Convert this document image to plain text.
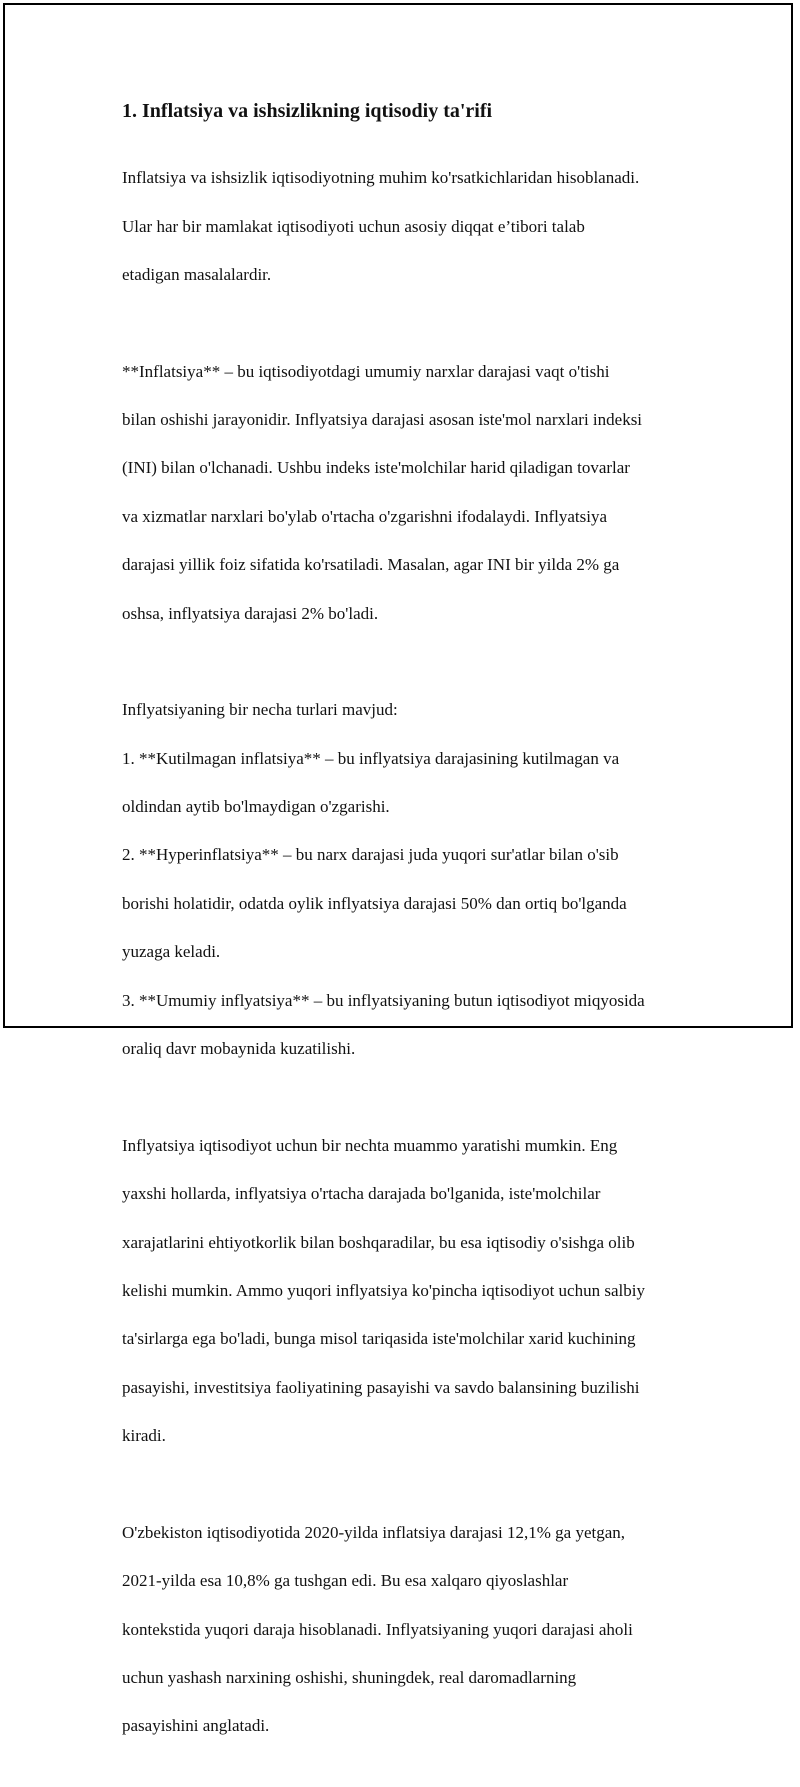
1. Inflatsiya va ishsizlikning iqtisodiy ta'rifi

Inflatsiya va ishsizlik iqtisodiyotning muhim ko'rsatkichlaridan hisoblanadi.

Ular har bir mamlakat iqtisodiyoti uchun asosiy diqqat e’tibori talab

etadigan masalalardir.

**Inflatsiya** – bu iqtisodiyotdagi umumiy narxlar darajasi vaqt o'tishi

bilan oshishi jarayonidir. Inflyatsiya darajasi asosan iste'mol narxlari indeksi

(INI) bilan o'lchanadi. Ushbu indeks iste'molchilar harid qiladigan tovarlar

va xizmatlar narxlari bo'ylab o'rtacha o'zgarishni ifodalaydi. Inflyatsiya

darajasi yillik foiz sifatida ko'rsatiladi. Masalan, agar INI bir yilda 2% ga

oshsa, inflyatsiya darajasi 2% bo'ladi.

Inflyatsiyaning bir necha turlari mavjud:

1. **Kutilmagan inflatsiya** – bu inflyatsiya darajasining kutilmagan va

oldindan aytib bo'lmaydigan o'zgarishi.

2. **Hyperinflatsiya** – bu narx darajasi juda yuqori sur'atlar bilan o'sib

borishi holatidir, odatda oylik inflyatsiya darajasi 50% dan ortiq bo'lganda

yuzaga keladi.

3. **Umumiy inflyatsiya** – bu inflyatsiyaning butun iqtisodiyot miqyosida

oraliq davr mobaynida kuzatilishi.

Inflyatsiya iqtisodiyot uchun bir nechta muammo yaratishi mumkin. Eng

yaxshi hollarda, inflyatsiya o'rtacha darajada bo'lganida, iste'molchilar

xarajatlarini ehtiyotkorlik bilan boshqaradilar, bu esa iqtisodiy o'sishga olib

kelishi mumkin. Ammo yuqori inflyatsiya ko'pincha iqtisodiyot uchun salbiy

ta'sirlarga ega bo'ladi, bunga misol tariqasida iste'molchilar xarid kuchining

pasayishi, investitsiya faoliyatining pasayishi va savdo balansining buzilishi

kiradi.

O'zbekiston iqtisodiyotida 2020-yilda inflatsiya darajasi 12,1% ga yetgan,

2021-yilda esa 10,8% ga tushgan edi. Bu esa xalqaro qiyoslashlar

kontekstida yuqori daraja hisoblanadi. Inflyatsiyaning yuqori darajasi aholi

uchun yashash narxining oshishi, shuningdek, real daromadlarning

pasayishini anglatadi.
